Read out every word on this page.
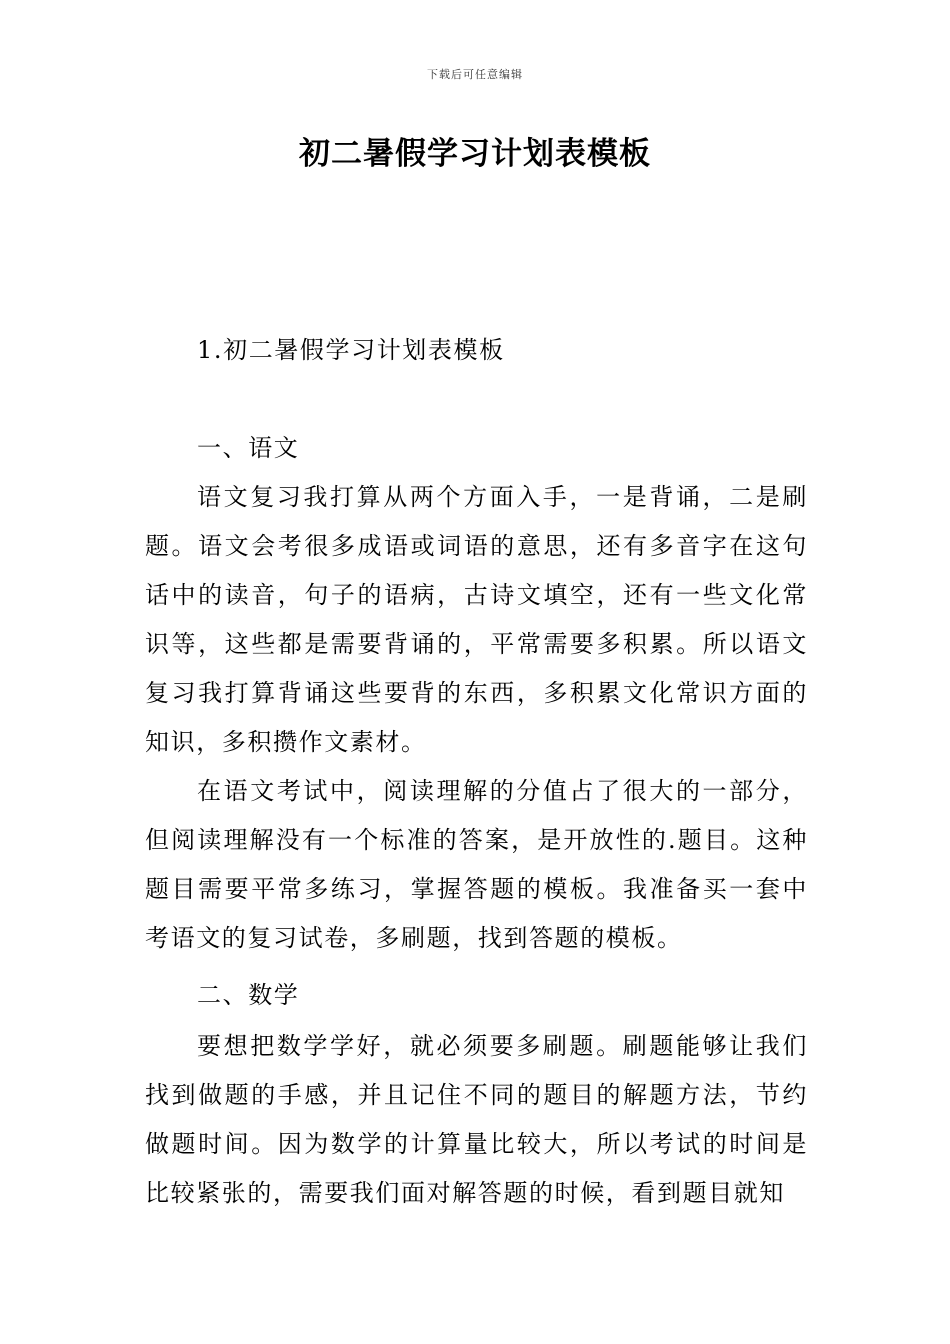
下载后可任意编辑
初二暑假学习计划表模板
1.初二暑假学习计划表模板
一、语文

语文复习我打算从两个方面入手，一是背诵，二是刷题。语文会考很多成语或词语的意思，还有多音字在这句话中的读音，句子的语病，古诗文填空，还有一些文化常识等，这些都是需要背诵的，平常需要多积累。所以语文复习我打算背诵这些要背的东西，多积累文化常识方面的知识，多积攒作文素材。

在语文考试中，阅读理解的分值占了很大的一部分，但阅读理解没有一个标准的答案，是开放性的.题目。这种题目需要平常多练习，掌握答题的模板。我准备买一套中考语文的复习试卷，多刷题，找到答题的模板。

二、数学

要想把数学学好，就必须要多刷题。刷题能够让我们找到做题的手感，并且记住不同的题目的解题方法，节约做题时间。因为数学的计算量比较大，所以考试的时间是比较紧张的，需要我们面对解答题的时候，看到题目就知
